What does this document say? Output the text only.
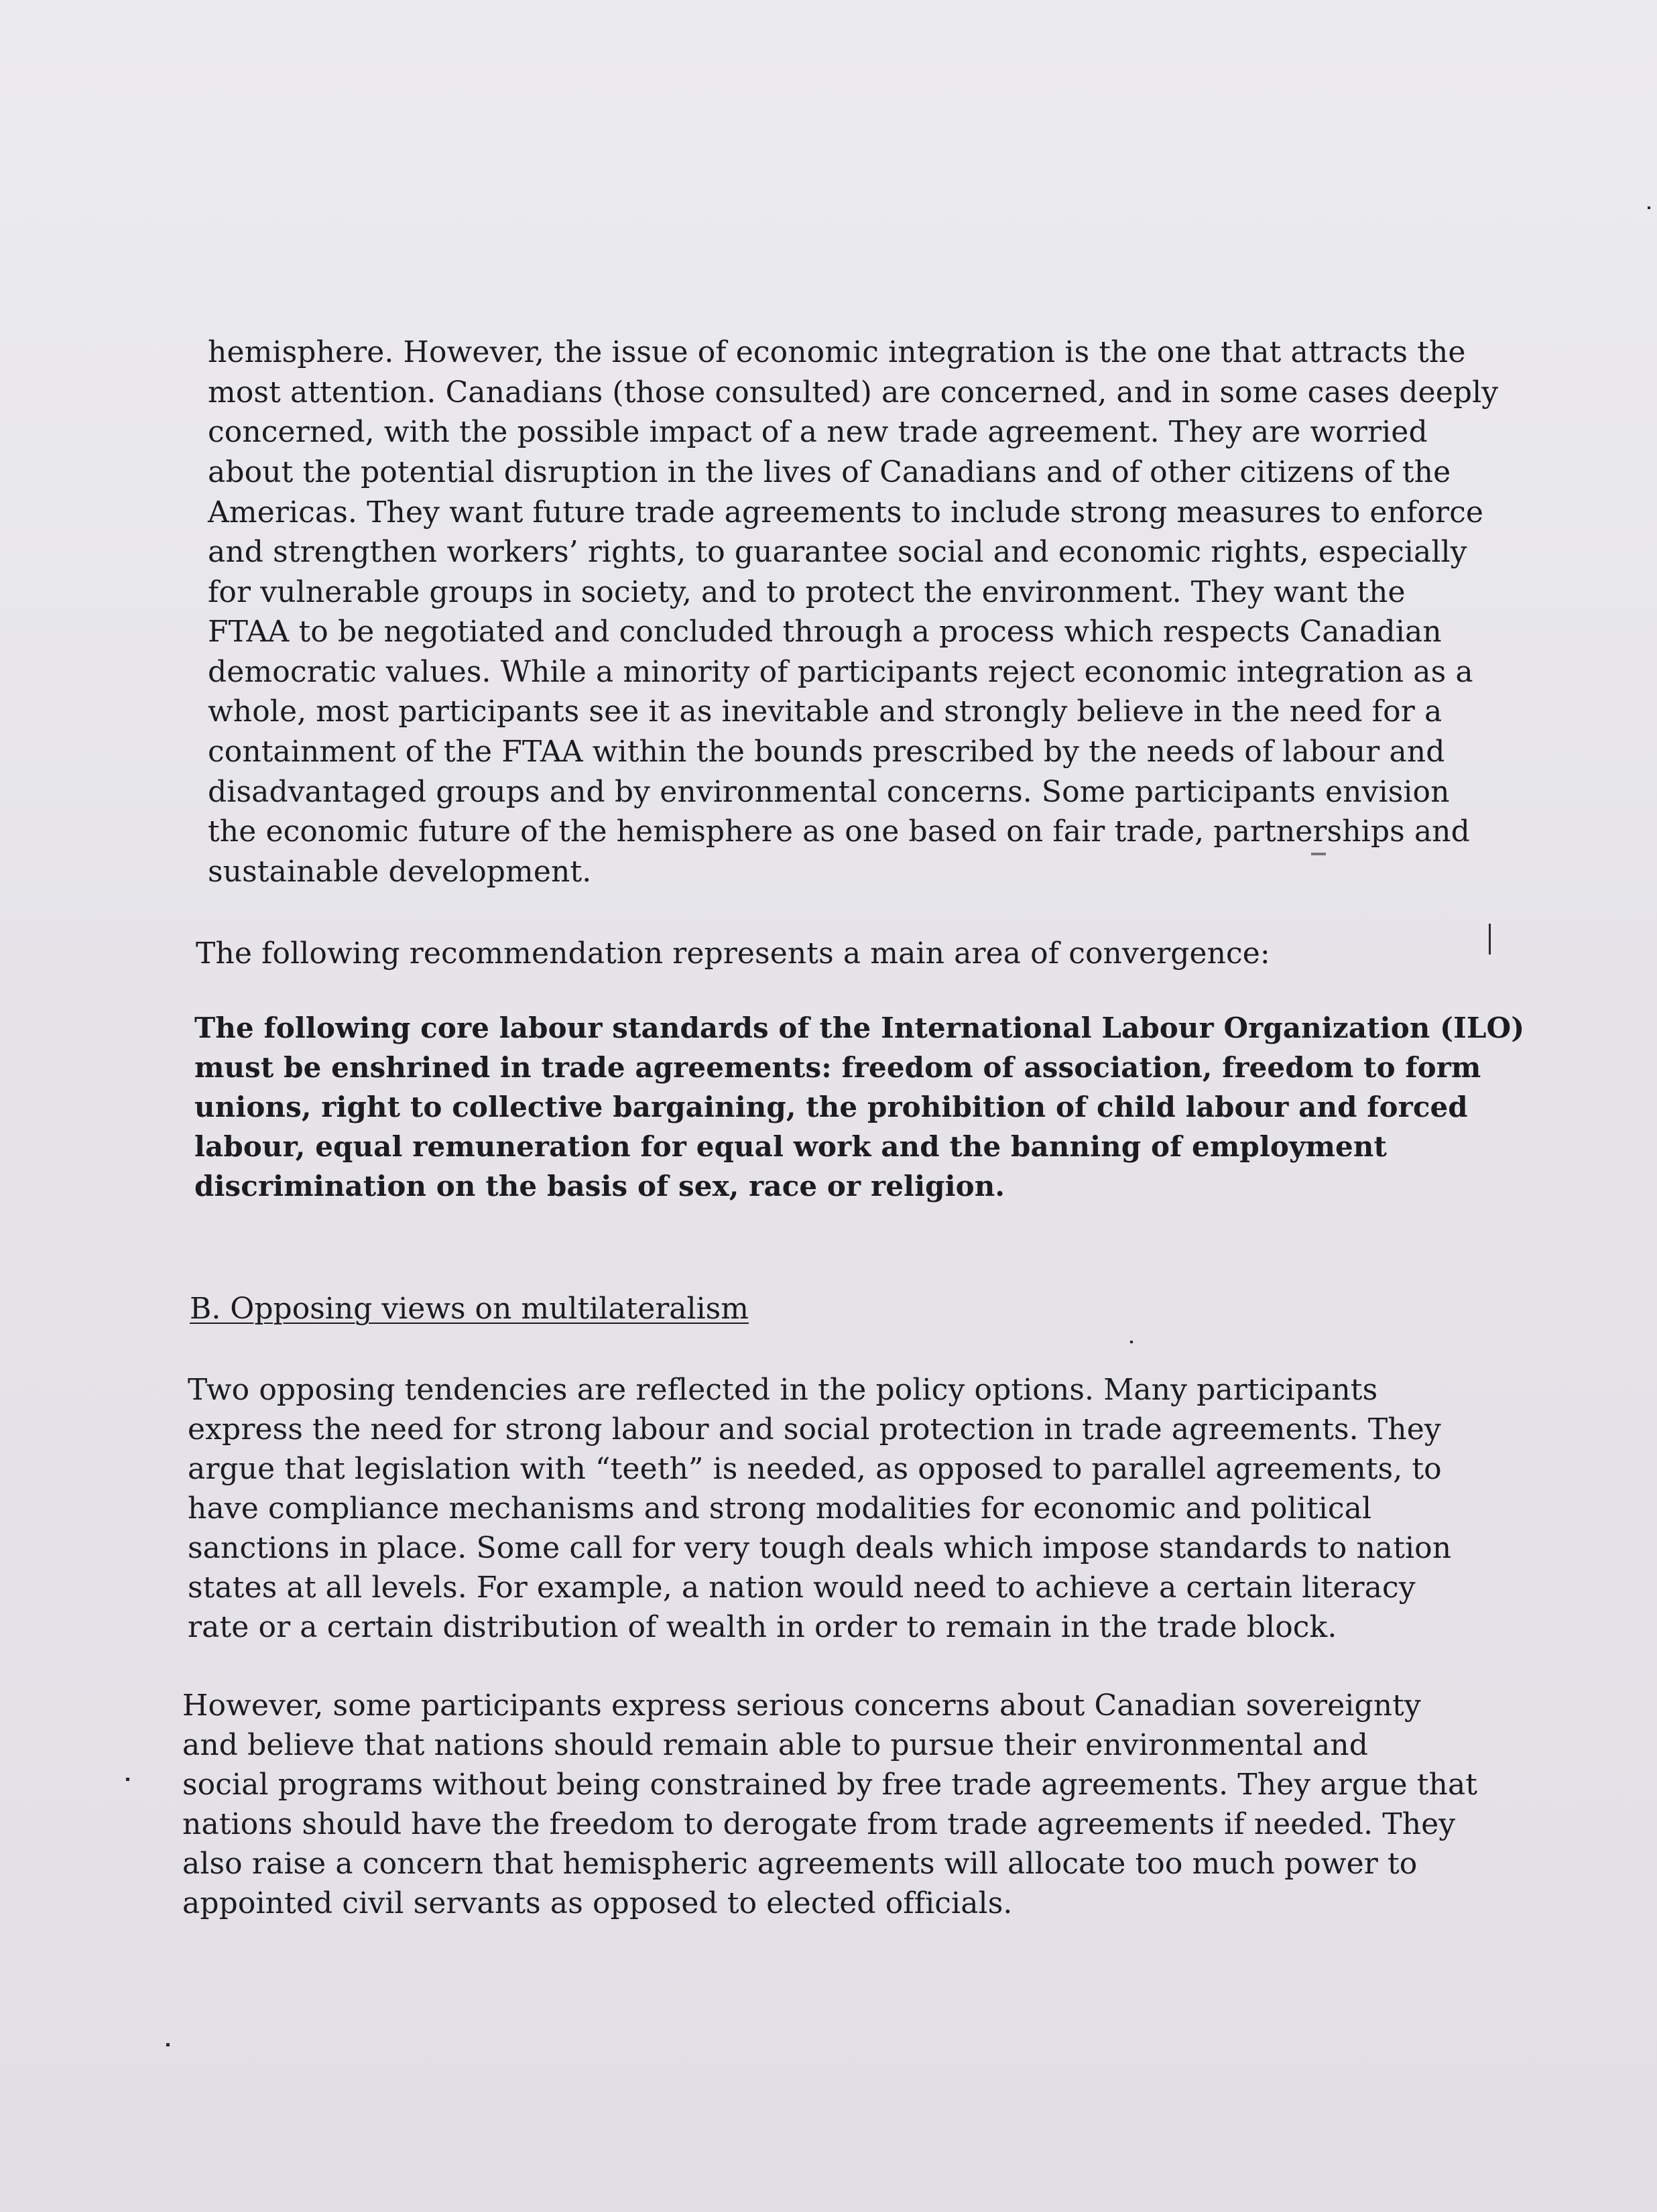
hemisphere. However, the issue of economic integration is the one that attracts the
most attention. Canadians (those consulted) are concerned, and in some cases deeply
concerned, with the possible impact of a new trade agreement. They are worried
about the potential disruption in the lives of Canadians and of other citizens of the
Americas. They want future trade agreements to include strong measures to enforce
and strengthen workers’ rights, to guarantee social and economic rights, especially
for vulnerable groups in society, and to protect the environment. They want the
FTAA to be negotiated and concluded through a process which respects Canadian
democratic values. While a minority of participants reject economic integration as a
whole, most participants see it as inevitable and strongly believe in the need for a
containment of the FTAA within the bounds prescribed by the needs of labour and
disadvantaged groups and by environmental concerns. Some participants envision
the economic future of the hemisphere as one based on fair trade, partnerships and
sustainable development.
The following recommendation represents a main area of convergence:
The following core labour standards of the International Labour Organization (ILO)
must be enshrined in trade agreements: freedom of association, freedom to form
unions, right to collective bargaining, the prohibition of child labour and forced
labour, equal remuneration for equal work and the banning of employment
discrimination on the basis of sex, race or religion.
B. Opposing views on multilateralism
Two opposing tendencies are reflected in the policy options. Many participants
express the need for strong labour and social protection in trade agreements. They
argue that legislation with “teeth” is needed, as opposed to parallel agreements, to
have compliance mechanisms and strong modalities for economic and political
sanctions in place. Some call for very tough deals which impose standards to nation
states at all levels. For example, a nation would need to achieve a certain literacy
rate or a certain distribution of wealth in order to remain in the trade block.
However, some participants express serious concerns about Canadian sovereignty
and believe that nations should remain able to pursue their environmental and
social programs without being constrained by free trade agreements. They argue that
nations should have the freedom to derogate from trade agreements if needed. They
also raise a concern that hemispheric agreements will allocate too much power to
appointed civil servants as opposed to elected officials.
